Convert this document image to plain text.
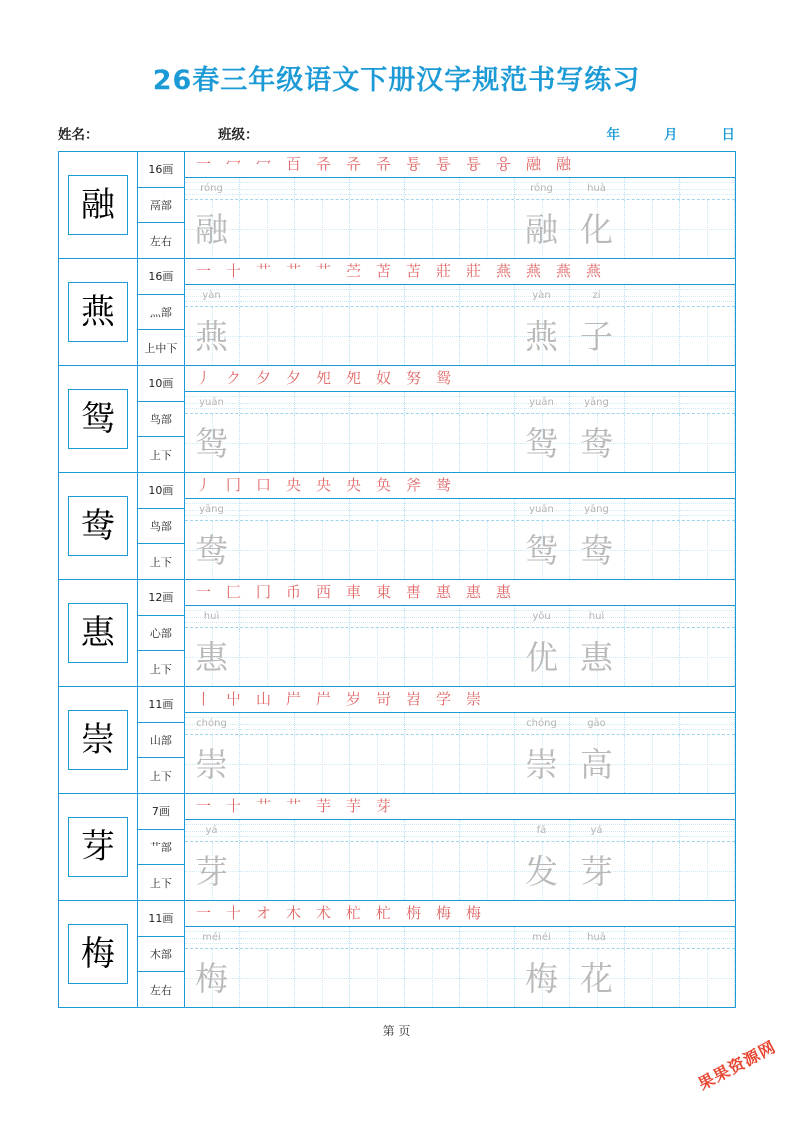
26春三年级语文下册汉字规范书写练习
姓名：	班级：	年	月	日
融
16画
鬲部
左右
一 冖 冖 百	쥬	쥬	쥬	튱	튱	튱	융	融 融
róng	róng	huà
融	融 化
燕
16画
灬部
上中下
一 十 艹 艹 艹 苎 苫 苫 莊 莊 燕 燕 燕 燕
yàn	yàn	zi
燕	燕 子
鸳
10画
鸟部
上下
丿 ク 夕 夕 夗 夗 奴 努 鸳
yuān	yuān	yāng
鸳	鸳 鸯
鸯
10画
鸟部
上下
丿 冂 口 央 央 央 奂 斧 鸯
yāng	yuān	yāng
鸯	鸳 鸯
惠
12画
心部
上下
一 匚 冂 币 西 車 東 軎 惠 惠 惠
huì	yōu	huì
惠	优 惠
崇
11画
山部
上下
丨 屮 山 屵 屵 岁 岢 岧 学 崇
chóng	chóng	gāo
崇	崇 高
芽
7画
艹部
上下
一 十 艹 艹 芋 芋 芽
yá	fā	yá
芽	发 芽
梅
11画
木部
左右
一 十 オ 木 术 杧 杧 栴 梅 梅
méi	méi	huā
梅	梅 花
第 页
果果资源网
